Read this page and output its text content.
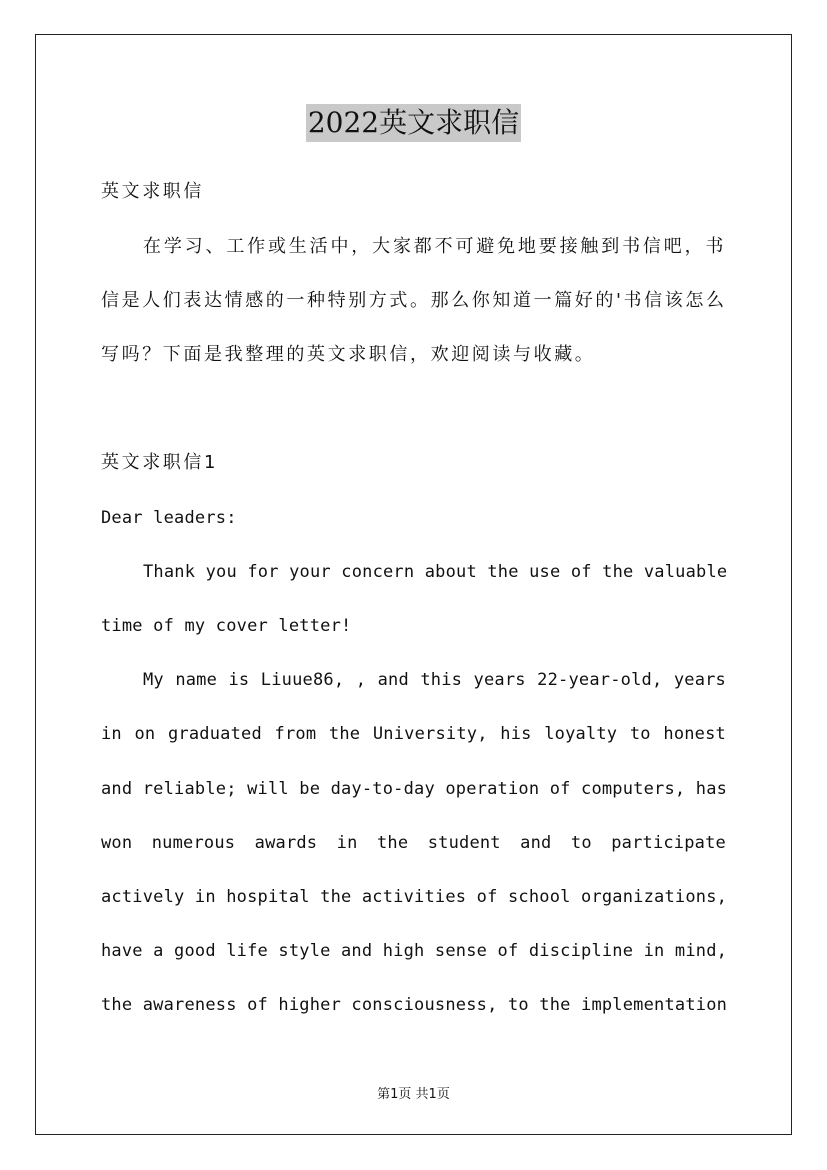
2022英文求职信
英文求职信
在学习、工作或生活中，大家都不可避免地要接触到书信吧，书
信是人们表达情感的一种特别方式。那么你知道一篇好的'书信该怎么
写吗？下面是我整理的英文求职信，欢迎阅读与收藏。
英文求职信1
Dear leaders:
Thank you for your concern about the use of the valuable
time of my cover letter!
My name is Liuue86, , and this years 22-year-old, years
in on graduated from the University, his loyalty to honest
and reliable; will be day-to-day operation of computers, has
won numerous awards in the student and to participate
actively in hospital the activities of school organizations,
have a good life style and high sense of discipline in mind,
the awareness of higher consciousness, to the implementation
第1页 共1页
